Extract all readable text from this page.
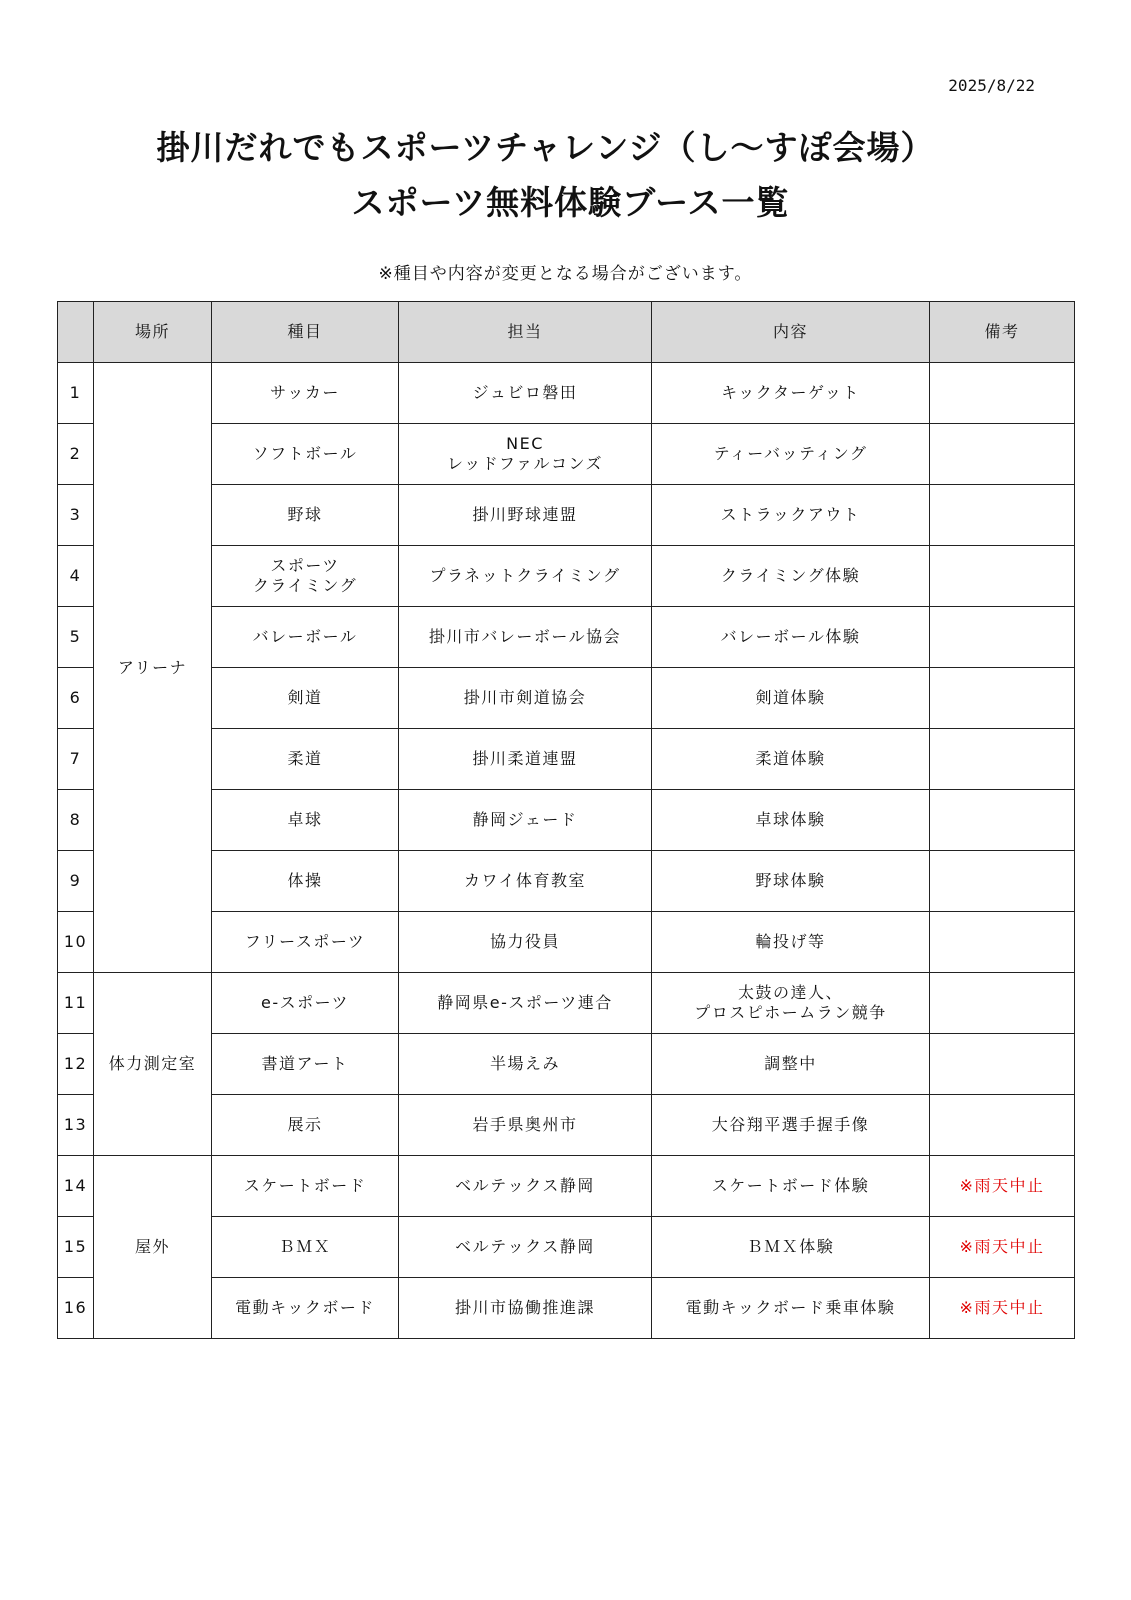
2025/8/22
掛川だれでもスポーツチャレンジ（し～すぽ会場）
スポーツ無料体験ブース一覧
※種目や内容が変更となる場合がございます。
	場所	種目	担当	内容	備考
1	アリーナ	サッカー	ジュビロ磐田	キックターゲット	
2		ソフトボール	NEC
レッドファルコンズ	ティーバッティング	
3		野球	掛川野球連盟	ストラックアウト	
4		スポーツ
クライミング	プラネットクライミング	クライミング体験	
5		バレーボール	掛川市バレーボール協会	バレーボール体験	
6		剣道	掛川市剣道協会	剣道体験	
7		柔道	掛川柔道連盟	柔道体験	
8		卓球	静岡ジェード	卓球体験	
9		体操	カワイ体育教室	野球体験	
10		フリースポーツ	協力役員	輪投げ等	
11	体力測定室	e-スポーツ	静岡県e-スポーツ連合	太鼓の達人、
プロスピホームラン競争	
12		書道アート	半場えみ	調整中	
13		展示	岩手県奥州市	大谷翔平選手握手像	
14	屋外	スケートボード	ベルテックス静岡	スケートボード体験	※雨天中止
15		ＢＭＸ	ベルテックス静岡	ＢＭＸ体験	※雨天中止
16		電動キックボード	掛川市協働推進課	電動キックボード乗車体験	※雨天中止
